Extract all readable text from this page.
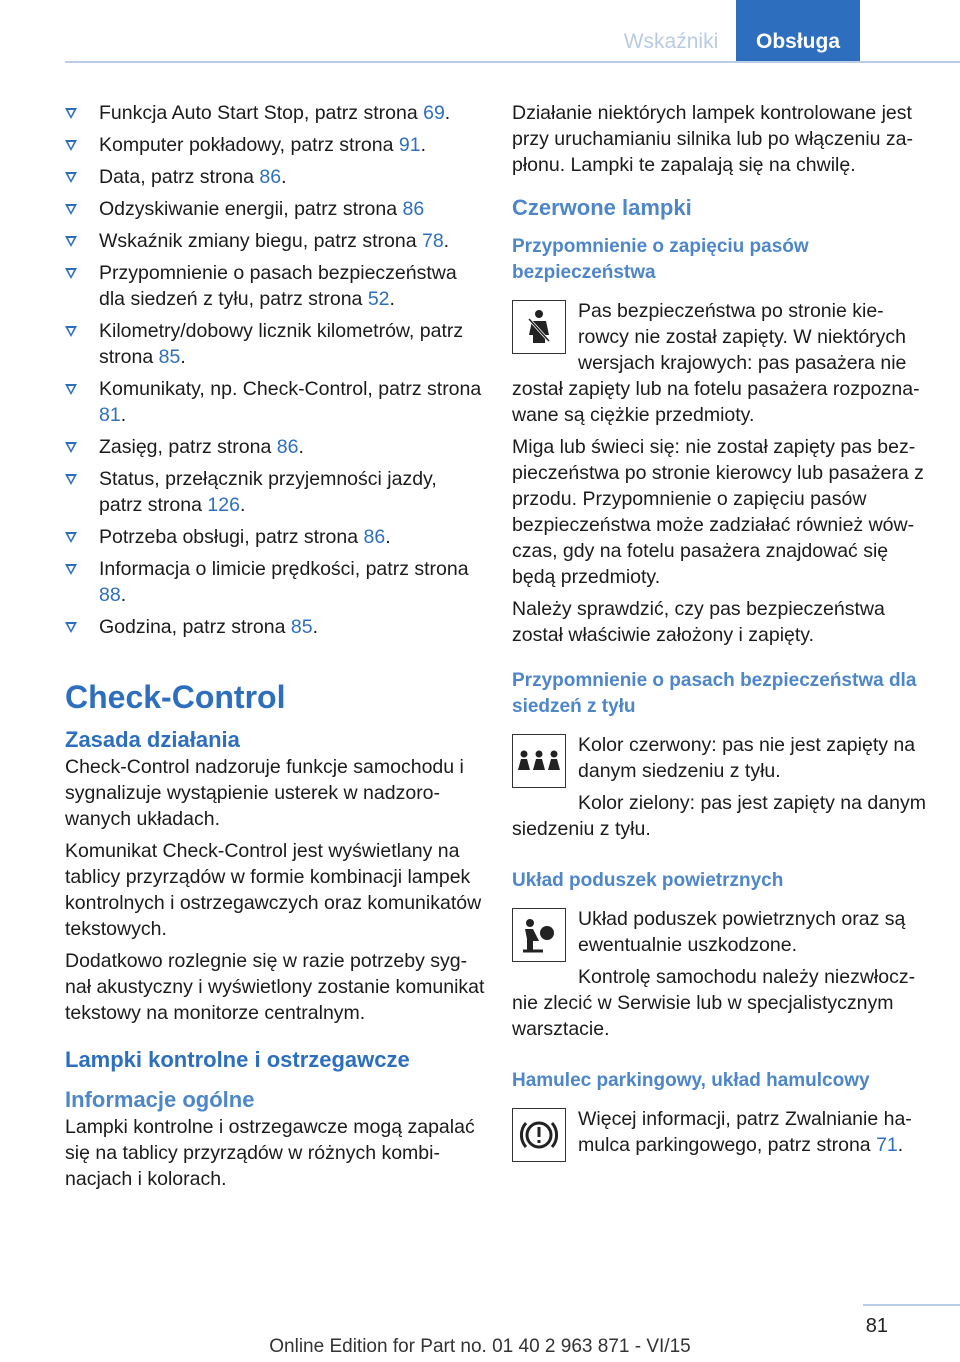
Wskaźniki	Obsługa
Funkcja Auto Start Stop, patrz strona 69.
Komputer pokładowy, patrz strona 91.
Data, patrz strona 86.
Odzyskiwanie energii, patrz strona 86
Wskaźnik zmiany biegu, patrz strona 78.
Przypomnienie o pasach bezpieczeństwa dla siedzeń z tyłu, patrz strona 52.
Kilometry/dobowy licznik kilometrów, patrz strona 85.
Komunikaty, np. Check-Control, patrz strona 81.
Zasięg, patrz strona 86.
Status, przełącznik przyjemności jazdy, patrz strona 126.
Potrzeba obsługi, patrz strona 86.
Informacja o limicie prędkości, patrz strona 88.
Godzina, patrz strona 85.
Check-Control
Zasada działania

Check-Control nadzoruje funkcje samochodu i sygnalizuje wystąpienie usterek w nadzorowanych układach.

Komunikat Check-Control jest wyświetlany na tablicy przyrządów w formie kombinacji lampek kontrolnych i ostrzegawczych oraz komunikatów tekstowych.

Dodatkowo rozlegnie się w razie potrzeby sygnał akustyczny i wyświetlony zostanie komunikat tekstowy na monitorze centralnym.

Lampki kontrolne i ostrzegawcze
Informacje ogólne

Lampki kontrolne i ostrzegawcze mogą zapalać się na tablicy przyrządów w różnych kombinacjach i kolorach.

Działanie niektórych lampek kontrolowane jest przy uruchamianiu silnika lub po włączeniu zapłonu. Lampki te zapalają się na chwilę.

Czerwone lampki
Przypomnienie o zapięciu pasów bezpieczeństwa

Pas bezpieczeństwa po stronie kierowcy nie został zapięty. W niektórych wersjach krajowych: pas pasażera nie został zapięty lub na fotelu pasażera rozpoznawane są ciężkie przedmioty.

Miga lub świeci się: nie został zapięty pas bezpieczeństwa po stronie kierowcy lub pasażera z przodu. Przypomnienie o zapięciu pasów bezpieczeństwa może zadziałać również wówczas, gdy na fotelu pasażera znajdować się będą przedmioty.

Należy sprawdzić, czy pas bezpieczeństwa został właściwie założony i zapięty.

Przypomnienie o pasach bezpieczeństwa dla siedzeń z tyłu

Kolor czerwony: pas nie jest zapięty na danym siedzeniu z tyłu.

Kolor zielony: pas jest zapięty na danym siedzeniu z tyłu.

Układ poduszek powietrznych

Układ poduszek powietrznych oraz są ewentualnie uszkodzone.

Kontrolę samochodu należy niezwłocznie zlecić w Serwisie lub w specjalistycznym warsztacie.

Hamulec parkingowy, układ hamulcowy

Więcej informacji, patrz Zwalnianie hamulca parkingowego, patrz strona 71.

81
Online Edition for Part no. 01 40 2 963 871 - VI/15
